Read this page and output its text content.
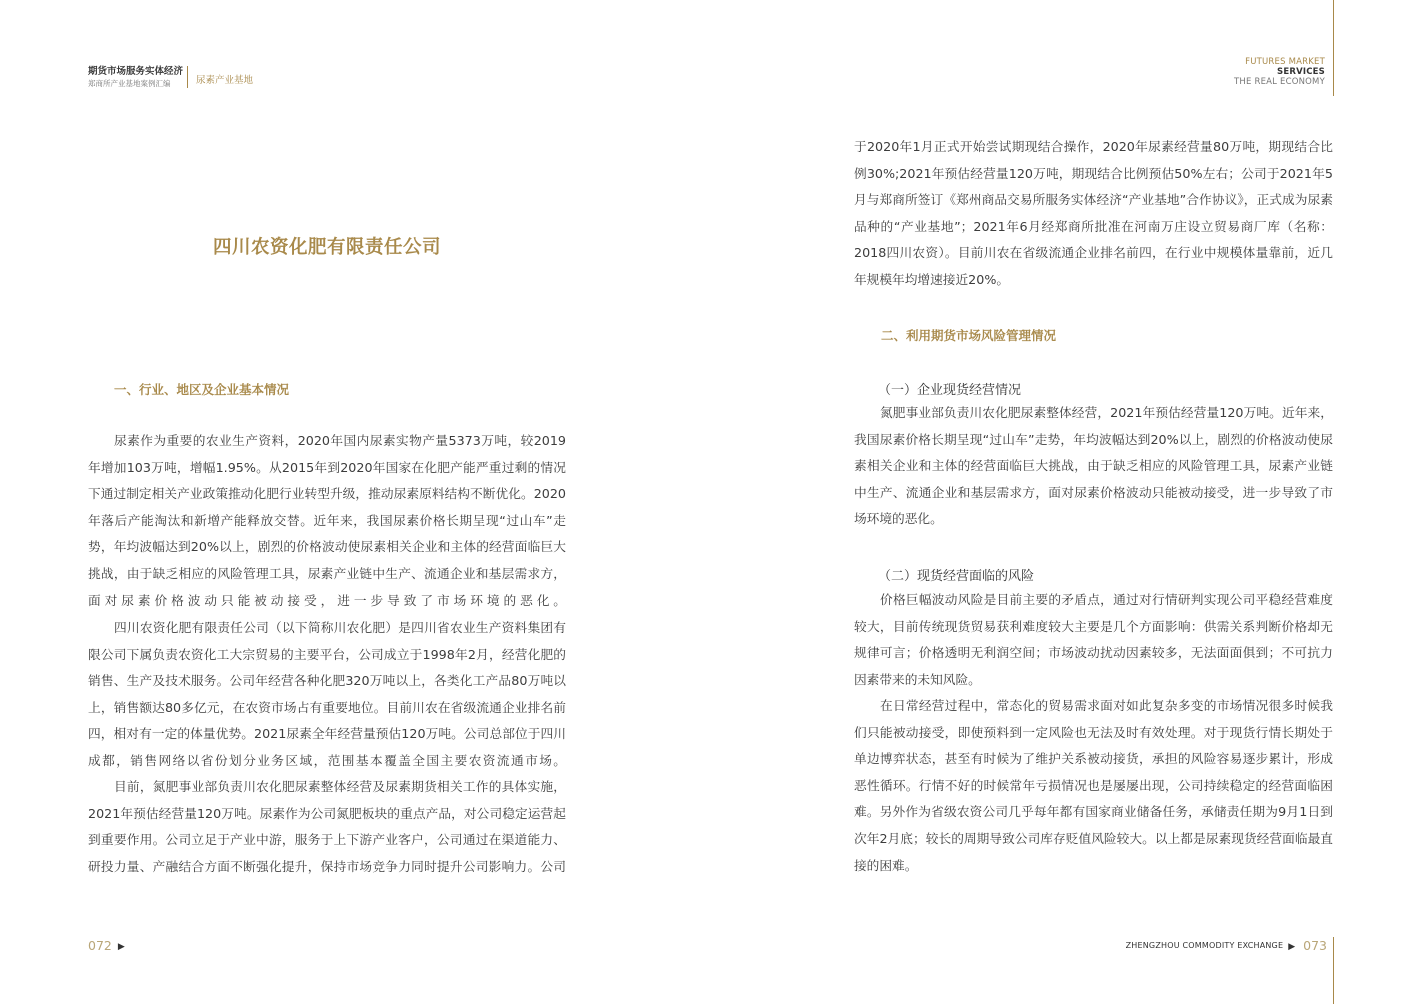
期货市场服务实体经济
郑商所产业基地案例汇编	尿素产业基地
FUTURES MARKET
SERVICES
THE REAL ECONOMY
四川农资化肥有限责任公司
一、行业、地区及企业基本情况

尿素作为重要的农业生产资料，2020年国内尿素实物产量5373万吨，较2019年增加103万吨，增幅1.95%。从2015年到2020年国家在化肥产能严重过剩的情况下通过制定相关产业政策推动化肥行业转型升级，推动尿素原料结构不断优化。2020年落后产能淘汰和新增产能释放交替。近年来，我国尿素价格长期呈现“过山车”走势，年均波幅达到20%以上，剧烈的价格波动使尿素相关企业和主体的经营面临巨大挑战，由于缺乏相应的风险管理工具，尿素产业链中生产、流通企业和基层需求方，面对尿素价格波动只能被动接受，进一步导致了市场环境的恶化。

四川农资化肥有限责任公司（以下简称川农化肥）是四川省农业生产资料集团有限公司下属负责农资化工大宗贸易的主要平台，公司成立于1998年2月，经营化肥的销售、生产及技术服务。公司年经营各种化肥320万吨以上，各类化工产品80万吨以上，销售额达80多亿元，在农资市场占有重要地位。目前川农在省级流通企业排名前四，相对有一定的体量优势。2021尿素全年经营量预估120万吨。公司总部位于四川成都，销售网络以省份划分业务区域，范围基本覆盖全国主要农资流通市场。

目前，氮肥事业部负责川农化肥尿素整体经营及尿素期货相关工作的具体实施，2021年预估经营量120万吨。尿素作为公司氮肥板块的重点产品，对公司稳定运营起到重要作用。公司立足于产业中游，服务于上下游产业客户，公司通过在渠道能力、研投力量、产融结合方面不断强化提升，保持市场竞争力同时提升公司影响力。公司

072 ▶

于2020年1月正式开始尝试期现结合操作，2020年尿素经营量80万吨，期现结合比例30%;2021年预估经营量120万吨，期现结合比例预估50%左右；公司于2021年5月与郑商所签订《郑州商品交易所服务实体经济“产业基地”合作协议》，正式成为尿素品种的“产业基地”；2021年6月经郑商所批准在河南万庄设立贸易商厂库（名称：2018四川农资）。目前川农在省级流通企业排名前四，在行业中规模体量靠前，近几年规模年均增速接近20%。

二、利用期货市场风险管理情况
（一）企业现货经营情况

氮肥事业部负责川农化肥尿素整体经营，2021年预估经营量120万吨。近年来，我国尿素价格长期呈现“过山车”走势，年均波幅达到20%以上，剧烈的价格波动使尿素相关企业和主体的经营面临巨大挑战，由于缺乏相应的风险管理工具，尿素产业链中生产、流通企业和基层需求方，面对尿素价格波动只能被动接受，进一步导致了市场环境的恶化。

（二）现货经营面临的风险

价格巨幅波动风险是目前主要的矛盾点，通过对行情研判实现公司平稳经营难度较大，目前传统现货贸易获利难度较大主要是几个方面影响：供需关系判断价格却无规律可言；价格透明无利润空间；市场波动扰动因素较多，无法面面俱到；不可抗力因素带来的未知风险。

在日常经营过程中，常态化的贸易需求面对如此复杂多变的市场情况很多时候我们只能被动接受，即使预料到一定风险也无法及时有效处理。对于现货行情长期处于单边博弈状态，甚至有时候为了维护关系被动接货，承担的风险容易逐步累计，形成恶性循环。行情不好的时候常年亏损情况也是屡屡出现，公司持续稳定的经营面临困难。另外作为省级农资公司几乎每年都有国家商业储备任务，承储责任期为9月1日到次年2月底；较长的周期导致公司库存贬值风险较大。以上都是尿素现货经营面临最直接的困难。

ZHENGZHOU COMMODITY EXCHANGE ▶ 073
